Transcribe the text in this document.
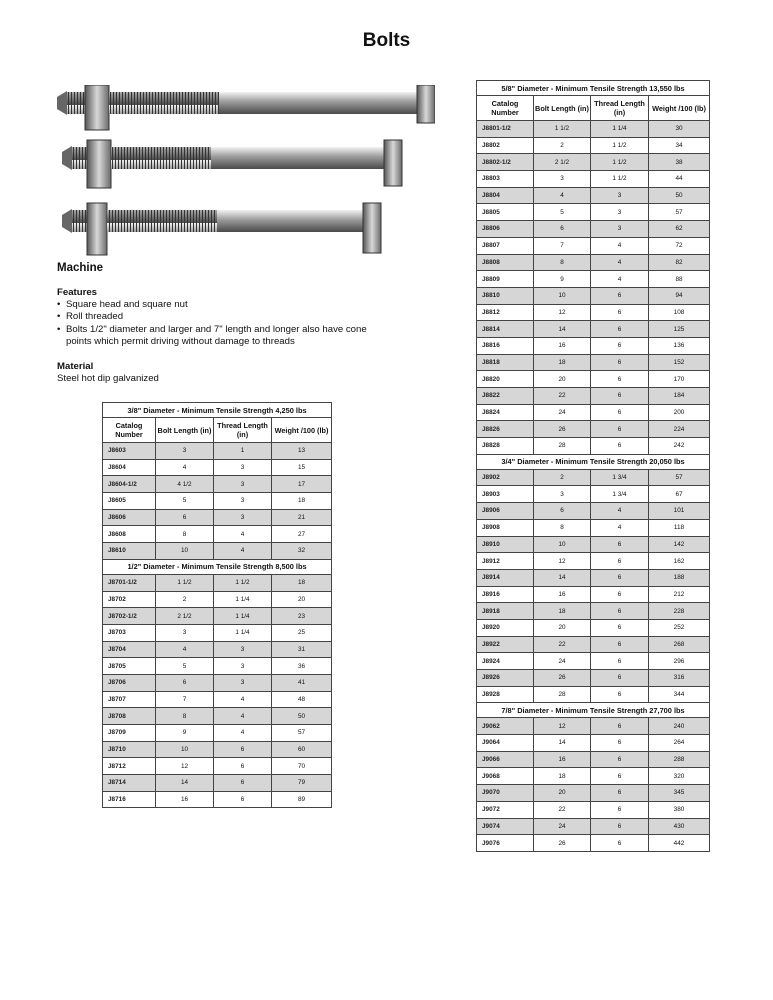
Bolts
Machine
Features
• Square head and square nut
• Roll threaded
• Bolts 1/2" diameter and larger and 7" length and longer also have cone points which permit driving without damage to threads
Material
Steel hot dip galvanized
3/8" Diameter - Minimum Tensile Strength 4,250 lbs			
Catalog Number	Bolt Length (in)	Thread Length (in)	Weight /100 (lb)
J8603	3	1	13
J8604	4	3	15
J8604-1/2	4 1/2	3	17
J8605	5	3	18
J8606	6	3	21
J8608	8	4	27
J8610	10	4	32
1/2" Diameter - Minimum Tensile Strength 8,500 lbs			
J8701-1/2	1 1/2	1 1/2	18
J8702	2	1 1/4	20
J8702-1/2	2 1/2	1 1/4	23
J8703	3	1 1/4	25
J8704	4	3	31
J8705	5	3	36
J8706	6	3	41
J8707	7	4	48
J8708	8	4	50
J8709	9	4	57
J8710	10	6	60
J8712	12	6	70
J8714	14	6	79
J8716	16	6	89
5/8" Diameter - Minimum Tensile Strength 13,550 lbs			
Catalog Number	Bolt Length (in)	Thread Length (in)	Weight /100 (lb)
J8801-1/2	1 1/2	1 1/4	30
J8802	2	1 1/2	34
J8802-1/2	2 1/2	1 1/2	38
J8803	3	1 1/2	44
J8804	4	3	50
J8805	5	3	57
J8806	6	3	62
J8807	7	4	72
J8808	8	4	82
J8809	9	4	88
J8810	10	6	94
J8812	12	6	108
J8814	14	6	125
J8816	16	6	136
J8818	18	6	152
J8820	20	6	170
J8822	22	6	184
J8824	24	6	200
J8826	26	6	224
J8828	28	6	242
3/4" Diameter - Minimum Tensile Strength 20,050 lbs			
J8902	2	1 3/4	57
J8903	3	1 3/4	67
J8906	6	4	101
J8908	8	4	118
J8910	10	6	142
J8912	12	6	162
J8914	14	6	188
J8916	16	6	212
J8918	18	6	228
J8920	20	6	252
J8922	22	6	268
J8924	24	6	296
J8926	26	6	316
J8928	28	6	344
7/8" Diameter - Minimum Tensile Strength 27,700 lbs			
J9062	12	6	240
J9064	14	6	264
J9066	16	6	288
J9068	18	6	320
J9070	20	6	345
J9072	22	6	380
J9074	24	6	430
J9076	26	6	442
